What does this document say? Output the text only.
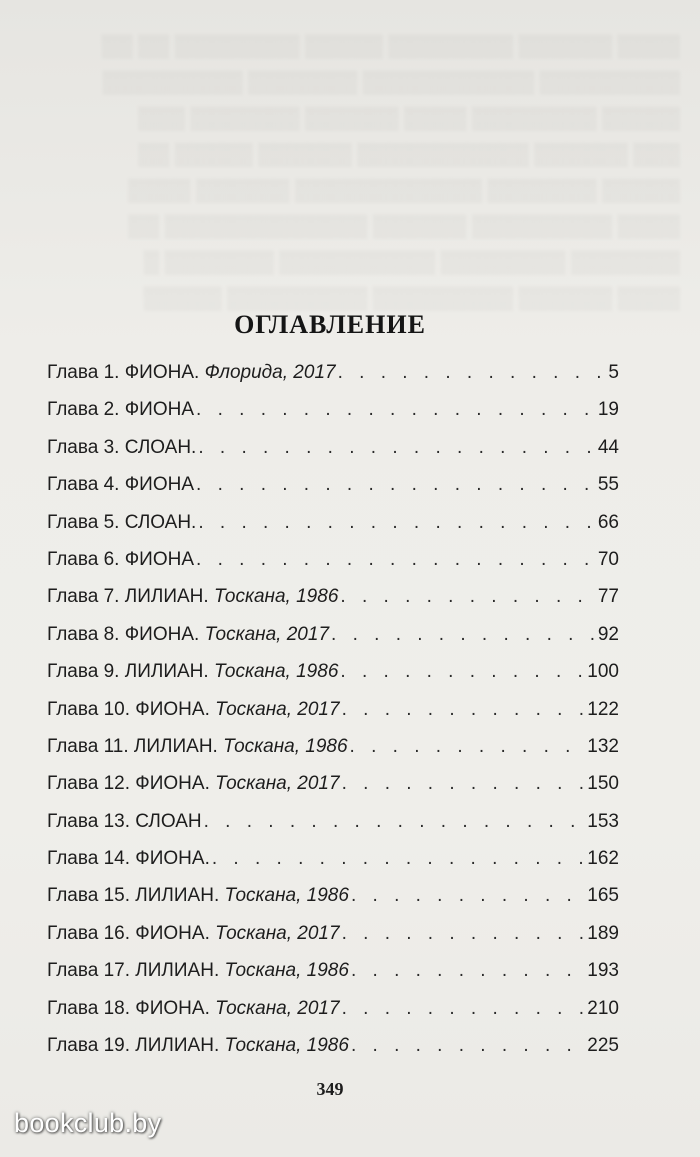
▒▒▒▒ ▒▒▒▒▒▒ ▒▒▒▒▒▒▒▒ ▒▒▒▒▒ ▒▒▒▒▒▒▒▒ ▒▒ ▒▒
▒▒▒▒▒▒▒▒▒ ▒▒▒▒▒▒▒▒▒▒▒ ▒▒▒▒▒▒▒ ▒▒▒▒▒▒▒▒▒
▒▒▒▒▒ ▒▒▒▒▒▒▒▒ ▒▒▒▒ ▒▒▒▒▒▒ ▒▒▒▒▒▒▒ ▒▒▒
▒▒▒ ▒▒▒▒▒▒ ▒▒▒▒▒▒▒▒▒▒▒ ▒▒▒▒▒▒ ▒▒▒▒▒ ▒▒
▒▒▒▒▒ ▒▒▒▒▒▒▒ ▒▒▒▒▒▒▒▒▒▒▒▒ ▒▒▒▒▒▒ ▒▒▒▒
▒▒▒▒ ▒▒▒▒▒▒▒▒▒ ▒▒▒▒▒▒ ▒▒▒▒▒▒▒▒▒▒▒▒▒ ▒▒
▒▒▒▒▒▒▒ ▒▒▒▒▒▒▒▒ ▒▒▒▒▒▒▒▒▒▒ ▒▒▒▒▒▒▒ ▒
▒▒▒▒ ▒▒▒▒▒▒ ▒▒▒▒▒▒▒▒▒ ▒▒▒▒▒▒▒▒▒ ▒▒▒▒▒
ОГЛАВЛЕНИЕ
Глава 1. ФИОНА. Флорида, 2017 . . .	5
Глава 2. ФИОНА . . .	19
Глава 3. СЛОАН. . . .	44
Глава 4. ФИОНА . . .	55
Глава 5. СЛОАН. . . .	66
Глава 6. ФИОНА . . .	70
Глава 7. ЛИЛИАН. Тоскана, 1986 . . .	77
Глава 8. ФИОНА. Тоскана, 2017 . . .	92
Глава 9. ЛИЛИАН. Тоскана, 1986 . . .	100
Глава 10. ФИОНА. Тоскана, 2017 . . .	122
Глава 11. ЛИЛИАН. Тоскана, 1986 . . .	132
Глава 12. ФИОНА. Тоскана, 2017 . . .	150
Глава 13. СЛОАН . . .	153
Глава 14. ФИОНА. . . .	162
Глава 15. ЛИЛИАН. Тоскана, 1986 . . .	165
Глава 16. ФИОНА. Тоскана, 2017 . . .	189
Глава 17. ЛИЛИАН. Тоскана, 1986 . . .	193
Глава 18. ФИОНА. Тоскана, 2017 . . .	210
Глава 19. ЛИЛИАН. Тоскана, 1986 . . .	225
349
bookclub.by
